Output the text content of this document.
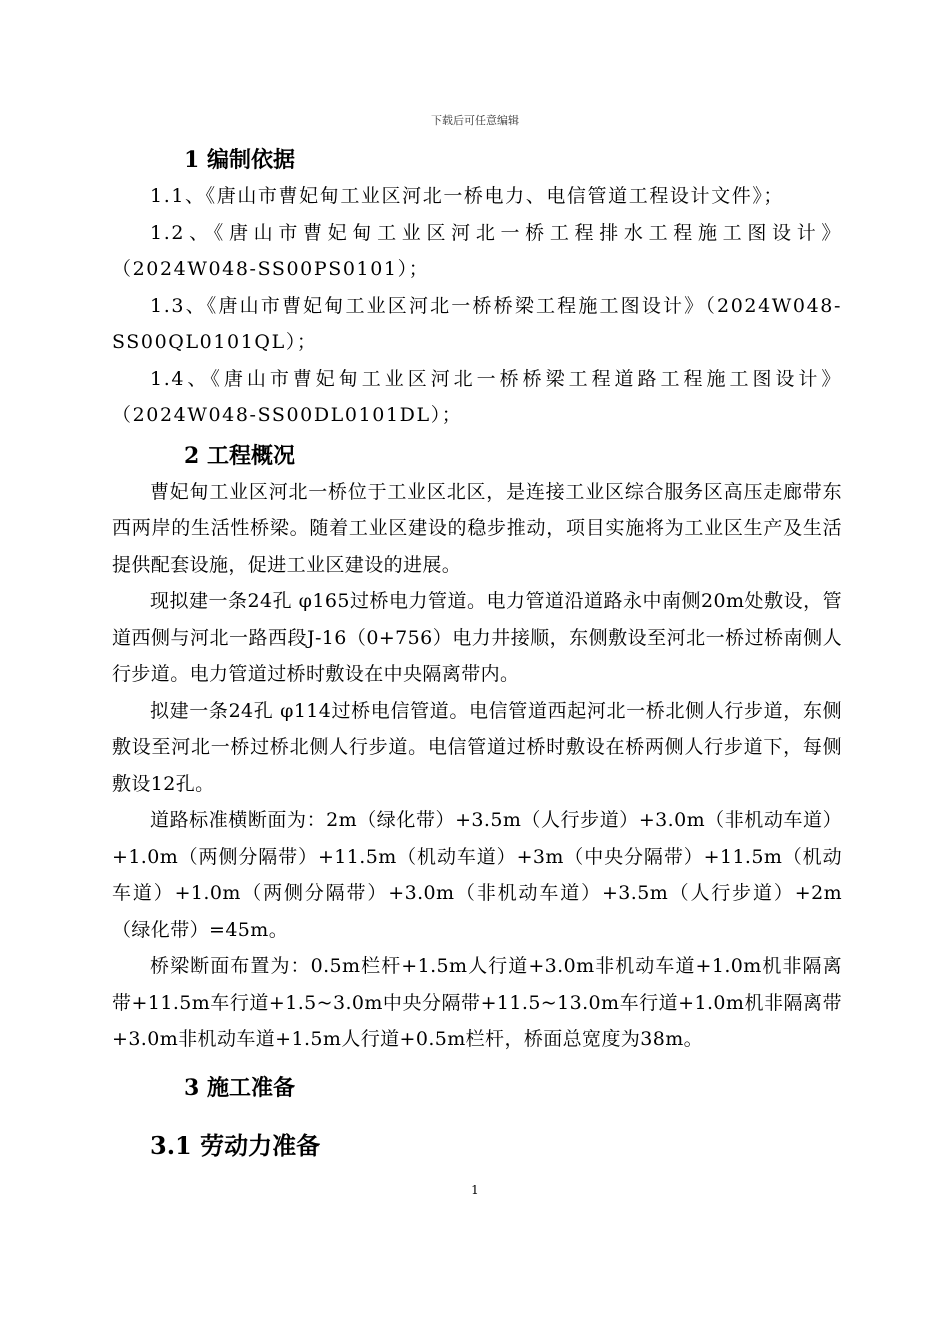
下载后可任意编辑
1 编制依据

1.1、《唐山市曹妃甸工业区河北一桥电力、电信管道工程设计文件》；

1.2、《唐山市曹妃甸工业区河北一桥工程排水工程施工图设计》（2024W048-SS00PS0101）；

1.3、《唐山市曹妃甸工业区河北一桥桥梁工程施工图设计》（2024W048-SS00QL0101QL）；

1.4、《唐山市曹妃甸工业区河北一桥桥梁工程道路工程施工图设计》（2024W048-SS00DL0101DL）；

2 工程概况

曹妃甸工业区河北一桥位于工业区北区，是连接工业区综合服务区高压走廊带东西两岸的生活性桥梁。随着工业区建设的稳步推动，项目实施将为工业区生产及生活提供配套设施，促进工业区建设的进展。

现拟建一条24孔 φ165过桥电力管道。电力管道沿道路永中南侧20m处敷设，管道西侧与河北一路西段J-16（0+756）电力井接顺，东侧敷设至河北一桥过桥南侧人行步道。电力管道过桥时敷设在中央隔离带内。

拟建一条24孔 φ114过桥电信管道。电信管道西起河北一桥北侧人行步道，东侧敷设至河北一桥过桥北侧人行步道。电信管道过桥时敷设在桥两侧人行步道下，每侧敷设12孔。

道路标准横断面为：2m（绿化带）+3.5m（人行步道）+3.0m（非机动车道）+1.0m（两侧分隔带）+11.5m（机动车道）+3m（中央分隔带）+11.5m（机动车道）+1.0m（两侧分隔带）+3.0m（非机动车道）+3.5m（人行步道）+2m（绿化带）=45m。

桥梁断面布置为：0.5m栏杆+1.5m人行道+3.0m非机动车道+1.0m机非隔离带+11.5m车行道+1.5~3.0m中央分隔带+11.5~13.0m车行道+1.0m机非隔离带+3.0m非机动车道+1.5m人行道+0.5m栏杆，桥面总宽度为38m。

3 施工准备
3.1 劳动力准备
1
